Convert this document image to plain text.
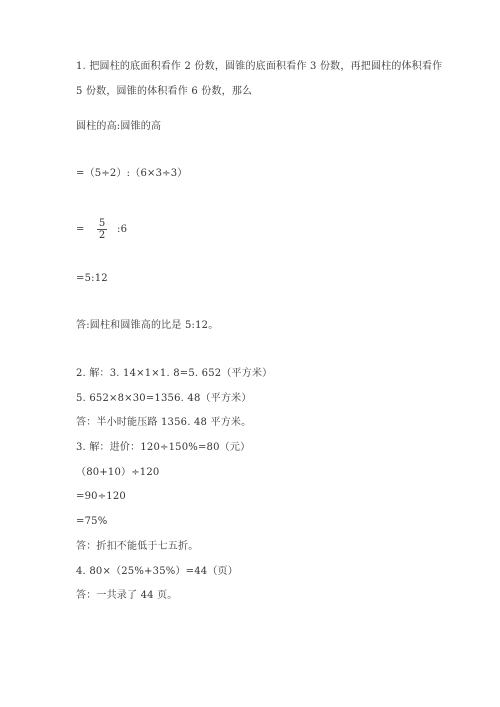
1. 把圆柱的底面积看作 2 份数，圆锥的底面积看作 3 份数，再把圆柱的体积看作
5 份数，圆锥的体积看作 6 份数，那么
圆柱的高:圆锥的高
=（5÷2）:（6×3÷3）
=
5
2
:6
=5:12
答:圆柱和圆锥高的比是 5:12。
2. 解：3. 14×1×1. 8=5. 652（平方米）
5. 652×8×30=1356. 48（平方米）
答：半小时能压路 1356. 48 平方米。
3. 解：进价：120÷150%=80（元）
（80+10）÷120
=90÷120
=75%
答：折扣不能低于七五折。
4. 80×（25%+35%）=44（页）
答：一共录了 44 页。
